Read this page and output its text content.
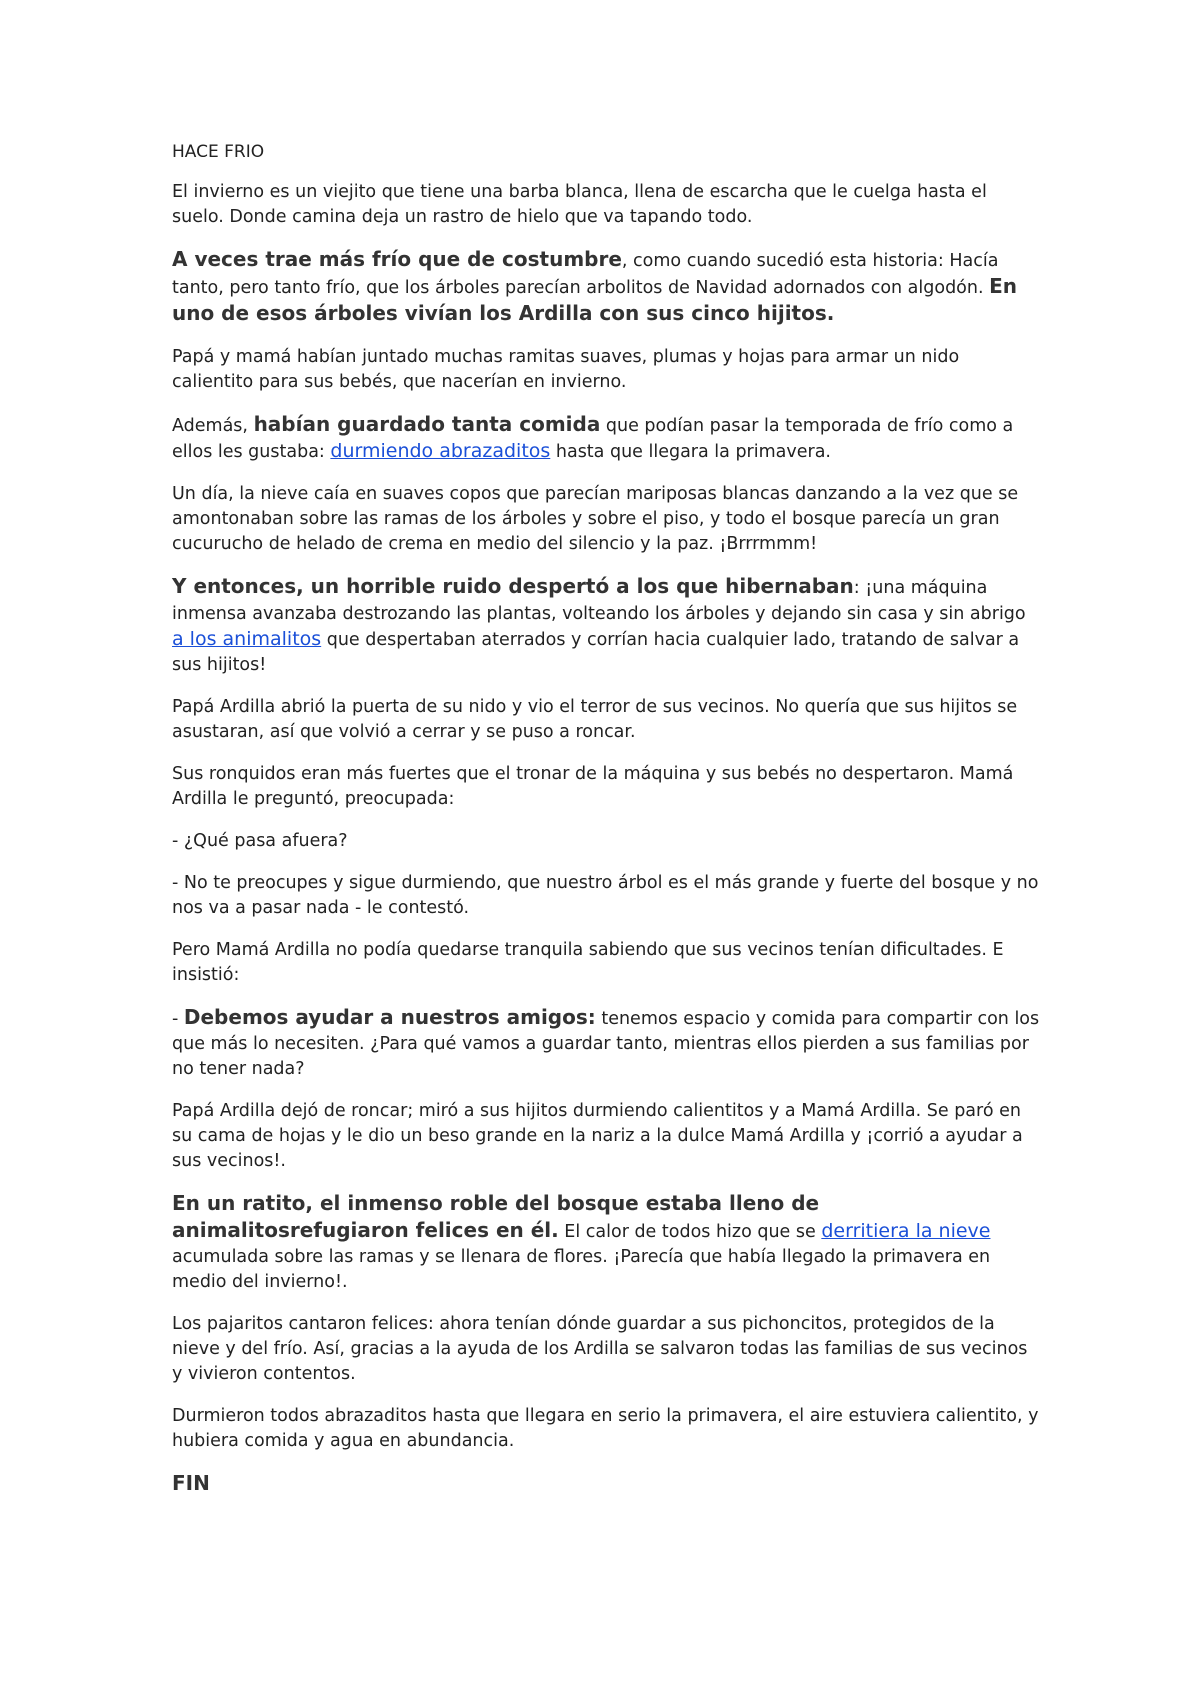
HACE FRIO

El invierno es un viejito que tiene una barba blanca, llena de escarcha que le cuelga hasta el suelo. Donde camina deja un rastro de hielo que va tapando todo.

A veces trae más frío que de costumbre, como cuando sucedió esta historia: Hacía tanto, pero tanto frío, que los árboles parecían arbolitos de Navidad adornados con algodón. En uno de esos árboles vivían los Ardilla con sus cinco hijitos.

Papá y mamá habían juntado muchas ramitas suaves, plumas y hojas para armar un nido calientito para sus bebés, que nacerían en invierno.

Además, habían guardado tanta comida que podían pasar la temporada de frío como a ellos les gustaba: durmiendo abrazaditos hasta que llegara la primavera.

Un día, la nieve caía en suaves copos que parecían mariposas blancas danzando a la vez que se amontonaban sobre las ramas de los árboles y sobre el piso, y todo el bosque parecía un gran cucurucho de helado de crema en medio del silencio y la paz. ¡Brrrmmm!

Y entonces, un horrible ruido despertó a los que hibernaban: ¡una máquina inmensa avanzaba destrozando las plantas, volteando los árboles y dejando sin casa y sin abrigo a los animalitos que despertaban aterrados y corrían hacia cualquier lado, tratando de salvar a sus hijitos!

Papá Ardilla abrió la puerta de su nido y vio el terror de sus vecinos. No quería que sus hijitos se asustaran, así que volvió a cerrar y se puso a roncar.

Sus ronquidos eran más fuertes que el tronar de la máquina y sus bebés no despertaron. Mamá Ardilla le preguntó, preocupada:

- ¿Qué pasa afuera?

- No te preocupes y sigue durmiendo, que nuestro árbol es el más grande y fuerte del bosque y no nos va a pasar nada - le contestó.

Pero Mamá Ardilla no podía quedarse tranquila sabiendo que sus vecinos tenían dificultades. E insistió:

- Debemos ayudar a nuestros amigos: tenemos espacio y comida para compartir con los que más lo necesiten. ¿Para qué vamos a guardar tanto, mientras ellos pierden a sus familias por no tener nada?

Papá Ardilla dejó de roncar; miró a sus hijitos durmiendo calientitos y a Mamá Ardilla. Se paró en su cama de hojas y le dio un beso grande en la nariz a la dulce Mamá Ardilla y ¡corrió a ayudar a sus vecinos!.

En un ratito, el inmenso roble del bosque estaba lleno de animalitosrefugiaron felices en él. El calor de todos hizo que se derritiera la nieve acumulada sobre las ramas y se llenara de flores. ¡Parecía que había llegado la primavera en medio del invierno!.

Los pajaritos cantaron felices: ahora tenían dónde guardar a sus pichoncitos, protegidos de la nieve y del frío. Así, gracias a la ayuda de los Ardilla se salvaron todas las familias de sus vecinos y vivieron contentos.

Durmieron todos abrazaditos hasta que llegara en serio la primavera, el aire estuviera calientito, y hubiera comida y agua en abundancia.

FIN
